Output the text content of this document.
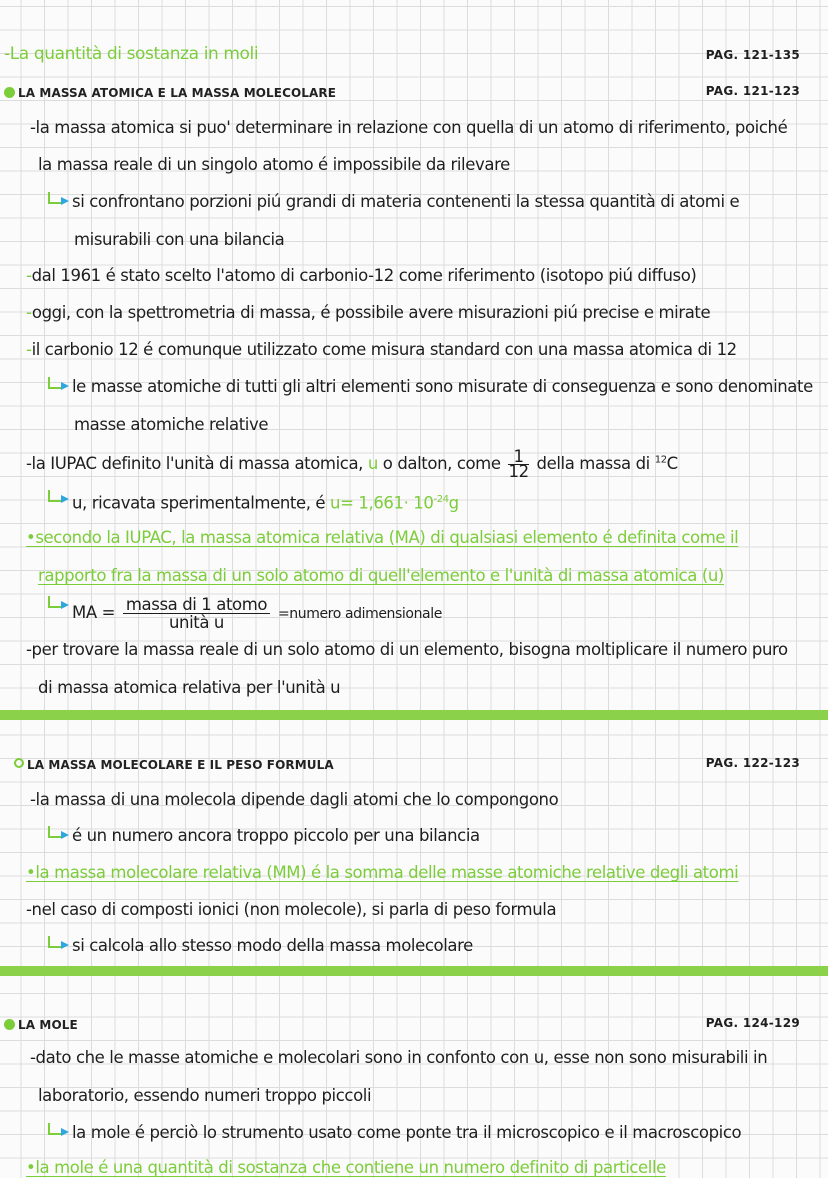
-La quantità di sostanza in moli	PAG. 121-135
LA MASSA ATOMICA E LA MASSA MOLECOLARE	PAG. 121-123
-la massa atomica si puo' determinare in relazione con quella di un atomo di riferimento, poiché
la massa reale di un singolo atomo é impossibile da rilevare
si confrontano porzioni piú grandi di materia contenenti la stessa quantità di atomi e
misurabili con una bilancia
-dal 1961 é stato scelto l'atomo di carbonio-12 come riferimento (isotopo piú diffuso)
-oggi, con la spettrometria di massa, é possibile avere misurazioni piú precise e mirate
-il carbonio 12 é comunque utilizzato come misura standard con una massa atomica di 12
le masse atomiche di tutti gli altri elementi sono misurate di conseguenza e sono denominate
masse atomiche relative
-la IUPAC definito l'unità di massa atomica, u o dalton, come $\frac{1}{12}$ della massa di $^{12}$C
u, ricavata sperimentalmente, é $u= 1,661\cdot 10^{-24}g$
•secondo la IUPAC, la massa atomica relativa (MA) di qualsiasi elemento é definita come il
rapporto fra la massa di un solo atomo di quell'elemento e l'unità di massa atomica (u)
MA = $\frac{\text{massa di 1 atomo}}{\text{unità u}}$ =numero adimensionale
-per trovare la massa reale di un solo atomo di un elemento, bisogna moltiplicare il numero puro
di massa atomica relativa per l'unità u
LA MASSA MOLECOLARE E IL PESO FORMULA	PAG. 122-123
-la massa di una molecola dipende dagli atomi che lo compongono
é un numero ancora troppo piccolo per una bilancia
•la massa molecolare relativa (MM) é la somma delle masse atomiche relative degli atomi
-nel caso di composti ionici (non molecole), si parla di peso formula
si calcola allo stesso modo della massa molecolare
LA MOLE	PAG. 124-129
-dato che le masse atomiche e molecolari sono in confonto con u, esse non sono misurabili in
laboratorio, essendo numeri troppo piccoli
la mole é perciò lo strumento usato come ponte tra il microscopico e il macroscopico
•la mole é una quantità di sostanza che contiene un numero definito di particelle
